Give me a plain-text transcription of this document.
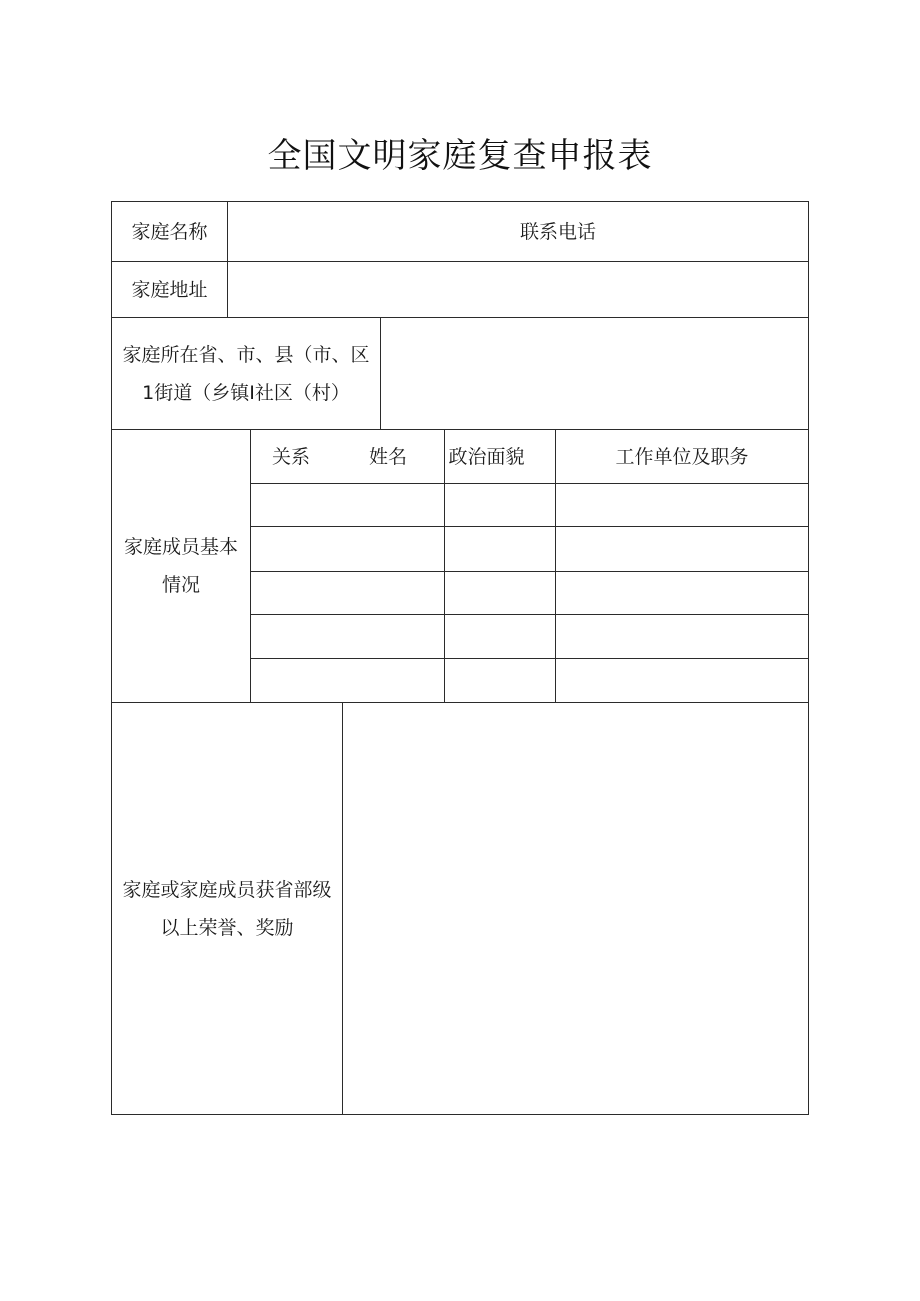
全国文明家庭复查申报表
家庭名称	联系电话
家庭地址
家庭所在省、市、县（市、区
1街道（乡镇I社区（村）
家庭成员基本
情况
关系	姓名 政治面貌	工作单位及职务
家庭或家庭成员获省部级
以上荣誉、奖励
